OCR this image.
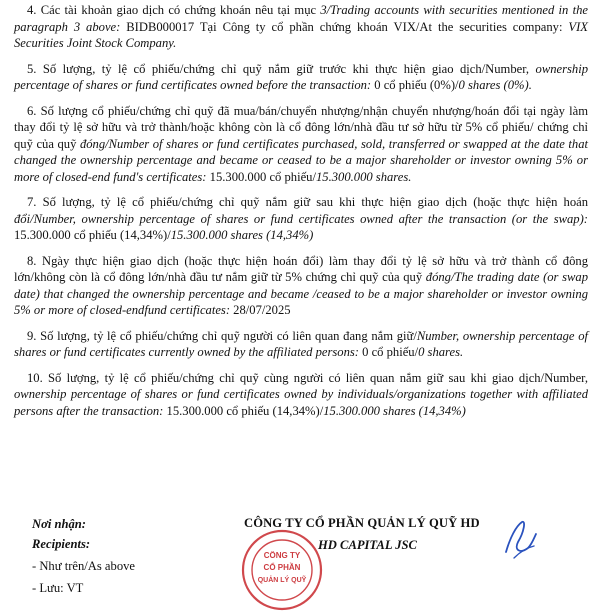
4. Các tài khoản giao dịch có chứng khoán nêu tại mục 3/Trading accounts with securities mentioned in the paragraph 3 above: BIDB000017 Tại Công ty cổ phần chứng khoán VIX/At the securities company: VIX Securities Joint Stock Company.
5. Số lượng, tỷ lệ cổ phiếu/chứng chỉ quỹ nắm giữ trước khi thực hiện giao dịch/Number, ownership percentage of shares or fund certificates owned before the transaction: 0 cổ phiếu (0%)/0 shares (0%).
6. Số lượng cổ phiếu/chứng chỉ quỹ đã mua/bán/chuyển nhượng/nhận chuyển nhượng/hoán đổi tại ngày làm thay đổi tỷ lệ sở hữu và trở thành/hoặc không còn là cổ đông lớn/nhà đầu tư sở hữu từ 5% cổ phiếu/ chứng chỉ quỹ của quỹ đóng/Number of shares or fund certificates purchased, sold, transferred or swapped at the date that changed the ownership percentage and became or ceased to be a major shareholder or investor owning 5% or more of closed-end fund's certificates: 15.300.000 cổ phiếu/15.300.000 shares.
7. Số lượng, tỷ lệ cổ phiếu/chứng chỉ quỹ nắm giữ sau khi thực hiện giao dịch (hoặc thực hiện hoán đổi/Number, ownership percentage of shares or fund certificates owned after the transaction (or the swap): 15.300.000 cổ phiếu (14,34%)/15.300.000 shares (14,34%)
8. Ngày thực hiện giao dịch (hoặc thực hiện hoán đổi) làm thay đổi tỷ lệ sở hữu và trở thành cổ đông lớn/không còn là cổ đông lớn/nhà đầu tư nắm giữ từ 5% chứng chỉ quỹ của quỹ đóng/The trading date (or swap date) that changed the ownership percentage and became /ceased to be a major shareholder or investor owning 5% or more of closed-endfund certificates: 28/07/2025
9. Số lượng, tỷ lệ cổ phiếu/chứng chỉ quỹ người có liên quan đang nắm giữ/Number, ownership percentage of shares or fund certificates currently owned by the affiliated persons: 0 cổ phiếu/0 shares.
10. Số lượng, tỷ lệ cổ phiếu/chứng chỉ quỹ cùng người có liên quan nắm giữ sau khi giao dịch/Number, ownership percentage of shares or fund certificates owned by individuals/organizations together with affiliated persons after the transaction: 15.300.000 cổ phiếu (14,34%)/15.300.000 shares (14,34%)
Nơi nhận:
Recipients:
- Như trên/As above
- Lưu: VT
CÔNG TY
CỔ PHẦN
QUẢN LÝ QUỸ
CÔNG TY CỔ PHẦN QUẢN LÝ QUỸ HD
HD CAPITAL JSC
